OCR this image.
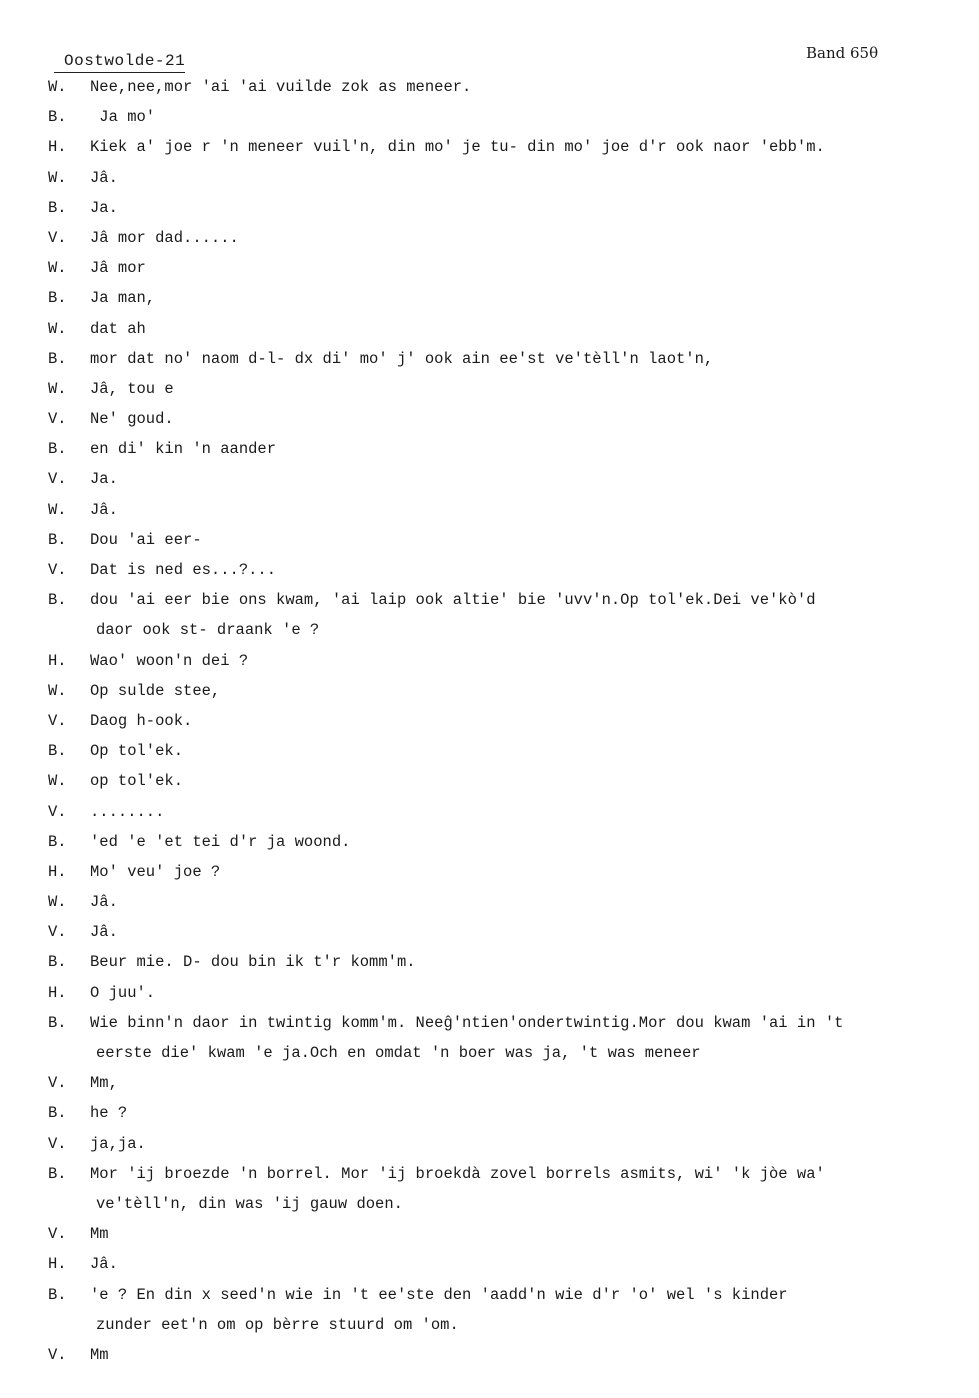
Oostwolde-21	Band 65θ
W. Nee,nee,mor 'ai 'ai vuilde zok as meneer.
B. Ja mo'
H. Kiek a' joe r 'n meneer vuil'n, din mo' je tu- din mo' joe d'r ook naor 'ebb'm.
W. Jâ.
B. Ja.
V. Jâ mor dad......
W. Jâ mor
B. Ja man,
W. dat ah
B. mor dat no' naom d-l- dx di' mo' j' ook ain ee'st ve'tèll'n laot'n,
W. Jâ, tou e
V. Ne' goud.
B. en di' kin 'n aander
V. Ja.
W. Jâ.
B. Dou 'ai eer-
V. Dat is ned es...?...
B. dou 'ai eer bie ons kwam, 'ai laip ook altie' bie 'uvv'n.Op tol'ek.Dei ve'kò'd
daor ook st- draank 'e ?
H. Wao' woon'n dei ?
W. Op sulde stee,
V. Daog h-ook.
B. Op tol'ek.
W. op tol'ek.
V. ........
B. 'ed 'e 'et tei d'r ja woond.
H. Mo' veu' joe ?
W. Jâ.
V. Jâ.
B. Beur mie. D- dou bin ik t'r komm'm.
H. O juu'.
B. Wie binn'n daor in twintig komm'm. Neeĝ'ntien'ondertwintig.Mor dou kwam 'ai in 't
eerste die' kwam 'e ja.Och en omdat 'n boer was ja, 't was meneer
V. Mm,
B. he ?
V. ja,ja.
B. Mor 'ij broezde 'n borrel. Mor 'ij broekdà zovel borrels asmits, wi' 'k jòe wa'
ve'tèll'n, din was 'ij gauw doen.
V. Mm
H. Jâ.
B. 'e ? En din x seed'n wie in 't ee'ste den 'aadd'n wie d'r 'o' wel 's kinder
zunder eet'n om op bèrre stuurd om 'om.
V. Mm
